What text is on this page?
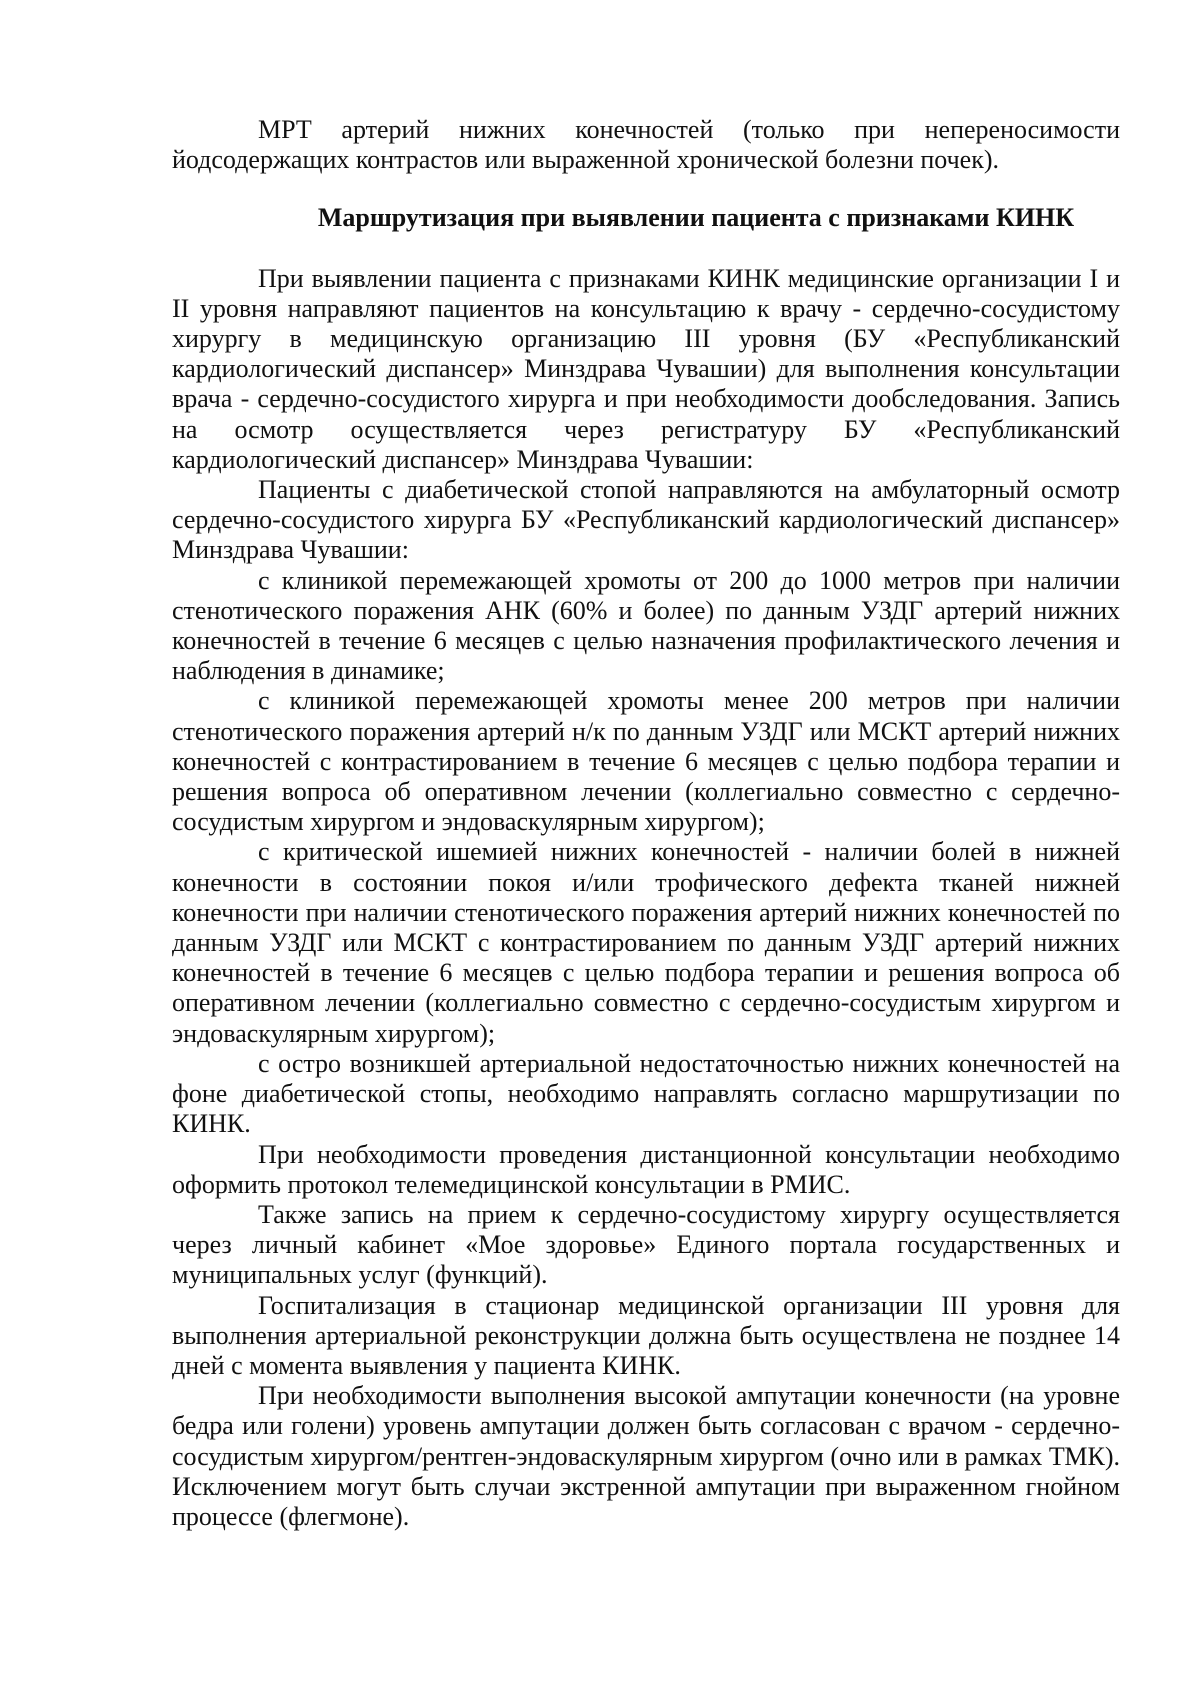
МРТ артерий нижних конечностей (только при непереносимости йодсодержащих контрастов или выраженной хронической болезни почек).

Маршрутизация при выявлении пациента с признаками КИНК

При выявлении пациента с признаками КИНК медицинские организации I и II уровня направляют пациентов на консультацию к врачу - сердечно-сосудистому хирургу в медицинскую организацию III уровня (БУ «Республиканский кардиологический диспансер» Минздрава Чувашии) для выполнения консультации врача - сердечно-сосудистого хирурга и при необходимости дообследования. Запись на осмотр осуществляется через регистратуру БУ «Республиканский кардиологический диспансер» Минздрава Чувашии:

Пациенты с диабетической стопой направляются на амбулаторный осмотр сердечно-сосудистого хирурга БУ «Республиканский кардиологический диспансер» Минздрава Чувашии:

с клиникой перемежающей хромоты от 200 до 1000 метров при наличии стенотического поражения АНК (60% и более) по данным УЗДГ артерий нижних конечностей в течение 6 месяцев с целью назначения профилактического лечения и наблюдения в динамике;

с клиникой перемежающей хромоты менее 200 метров при наличии стенотического поражения артерий н/к по данным УЗДГ или МСКТ артерий нижних конечностей с контрастированием в течение 6 месяцев с целью подбора терапии и решения вопроса об оперативном лечении (коллегиально совместно с сердечно-сосудистым хирургом и эндоваскулярным хирургом);

с критической ишемией нижних конечностей - наличии болей в нижней конечности в состоянии покоя и/или трофического дефекта тканей нижней конечности при наличии стенотического поражения артерий нижних конечностей по данным УЗДГ или МСКТ с контрастированием по данным УЗДГ артерий нижних конечностей в течение 6 месяцев с целью подбора терапии и решения вопроса об оперативном лечении (коллегиально совместно с сердечно-сосудистым хирургом и эндоваскулярным хирургом);

с остро возникшей артериальной недостаточностью нижних конечностей на фоне диабетической стопы, необходимо направлять согласно маршрутизации по КИНК.

При необходимости проведения дистанционной консультации необходимо оформить протокол телемедицинской консультации в РМИС.

Также запись на прием к сердечно-сосудистому хирургу осуществляется через личный кабинет «Мое здоровье» Единого портала государственных и муниципальных услуг (функций).

Госпитализация в стационар медицинской организации III уровня для выполнения артериальной реконструкции должна быть осуществлена не позднее 14 дней с момента выявления у пациента КИНК.

При необходимости выполнения высокой ампутации конечности (на уровне бедра или голени) уровень ампутации должен быть согласован с врачом - сердечно-сосудистым хирургом/рентген-эндоваскулярным хирургом (очно или в рамках ТМК). Исключением могут быть случаи экстренной ампутации при выраженном гнойном процессе (флегмоне).
